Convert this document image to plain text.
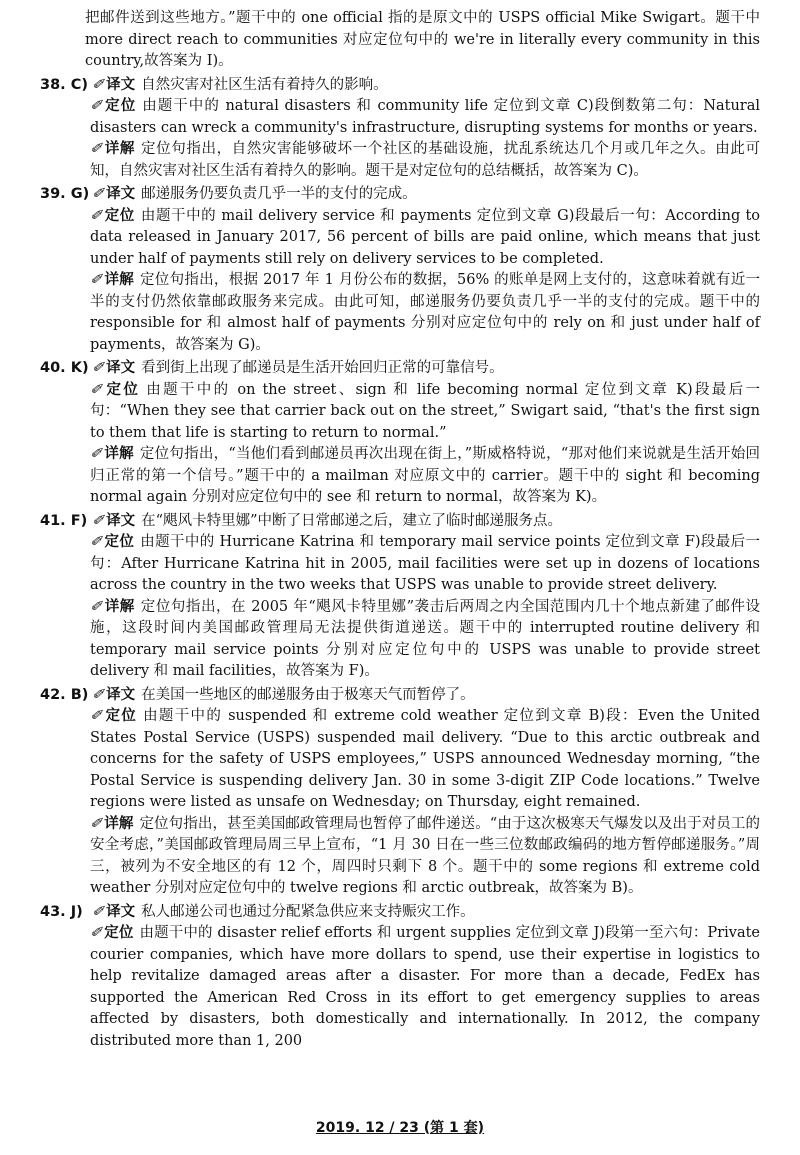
把邮件送到这些地方。”题干中的 one official 指的是原文中的 USPS official Mike Swigart。题干中 more direct reach to communities 对应定位句中的 we're in literally every community in this country,故答案为 I)。
38. C) ✐ 译文 自然灾害对社区生活有着持久的影响。
✐ 定位 由题干中的 natural disasters 和 community life 定位到文章 C)段倒数第二句：Natural disasters can wreck a community's infrastructure, disrupting systems for months or years.
✐ 详解 定位句指出，自然灾害能够破坏一个社区的基础设施，扰乱系统达几个月或几年之久。由此可知，自然灾害对社区生活有着持久的影响。题干是对定位句的总结概括，故答案为 C)。
39. G) ✐ 译文 邮递服务仍要负责几乎一半的支付的完成。
✐ 定位 由题干中的 mail delivery service 和 payments 定位到文章 G)段最后一句：According to data released in January 2017, 56 percent of bills are paid online, which means that just under half of payments still rely on delivery services to be completed.
✐ 详解 定位句指出，根据 2017 年 1 月份公布的数据，56% 的账单是网上支付的，这意味着就有近一半的支付仍然依靠邮政服务来完成。由此可知，邮递服务仍要负责几乎一半的支付的完成。题干中的 responsible for 和 almost half of payments 分别对应定位句中的 rely on 和 just under half of payments，故答案为 G)。
40. K) ✐ 译文 看到街上出现了邮递员是生活开始回归正常的可靠信号。
✐ 定位 由题干中的 on the street、sign 和 life becoming normal 定位到文章 K)段最后一句：“When they see that carrier back out on the street,” Swigart said, “that's the first sign to them that life is starting to return to normal.”
✐ 详解 定位句指出，“当他们看到邮递员再次出现在街上，”斯威格特说，“那对他们来说就是生活开始回归正常的第一个信号。”题干中的 a mailman 对应原文中的 carrier。题干中的 sight 和 becoming normal again 分别对应定位句中的 see 和 return to normal，故答案为 K)。
41. F) ✐ 译文 在“飓风卡特里娜”中断了日常邮递之后，建立了临时邮递服务点。
✐ 定位 由题干中的 Hurricane Katrina 和 temporary mail service points 定位到文章 F)段最后一句：After Hurricane Katrina hit in 2005, mail facilities were set up in dozens of locations across the country in the two weeks that USPS was unable to provide street delivery.
✐ 详解 定位句指出，在 2005 年“飓风卡特里娜”袭击后两周之内全国范围内几十个地点新建了邮件设施，这段时间内美国邮政管理局无法提供街道递送。题干中的 interrupted routine delivery 和 temporary mail service points 分别对应定位句中的 USPS was unable to provide street delivery 和 mail facilities，故答案为 F)。
42. B) ✐ 译文 在美国一些地区的邮递服务由于极寒天气而暂停了。
✐ 定位 由题干中的 suspended 和 extreme cold weather 定位到文章 B)段：Even the United States Postal Service (USPS) suspended mail delivery. “Due to this arctic outbreak and concerns for the safety of USPS employees,” USPS announced Wednesday morning, “the Postal Service is suspending delivery Jan. 30 in some 3-digit ZIP Code locations.” Twelve regions were listed as unsafe on Wednesday; on Thursday, eight remained.
✐ 详解 定位句指出，甚至美国邮政管理局也暂停了邮件递送。“由于这次极寒天气爆发以及出于对员工的安全考虑，”美国邮政管理局周三早上宣布，“1 月 30 日在一些三位数邮政编码的地方暂停邮递服务。”周三，被列为不安全地区的有 12 个，周四时只剩下 8 个。题干中的 some regions 和 extreme cold weather 分别对应定位句中的 twelve regions 和 arctic outbreak，故答案为 B)。
43. J) ✐ 译文 私人邮递公司也通过分配紧急供应来支持赈灾工作。
✐ 定位 由题干中的 disaster relief efforts 和 urgent supplies 定位到文章 J)段第一至六句：Private courier companies, which have more dollars to spend, use their expertise in logistics to help revitalize damaged areas after a disaster. For more than a decade, FedEx has supported the American Red Cross in its effort to get emergency supplies to areas affected by disasters, both domestically and internationally. In 2012, the company distributed more than 1, 200
2019. 12 / 23 (第 1 套)
